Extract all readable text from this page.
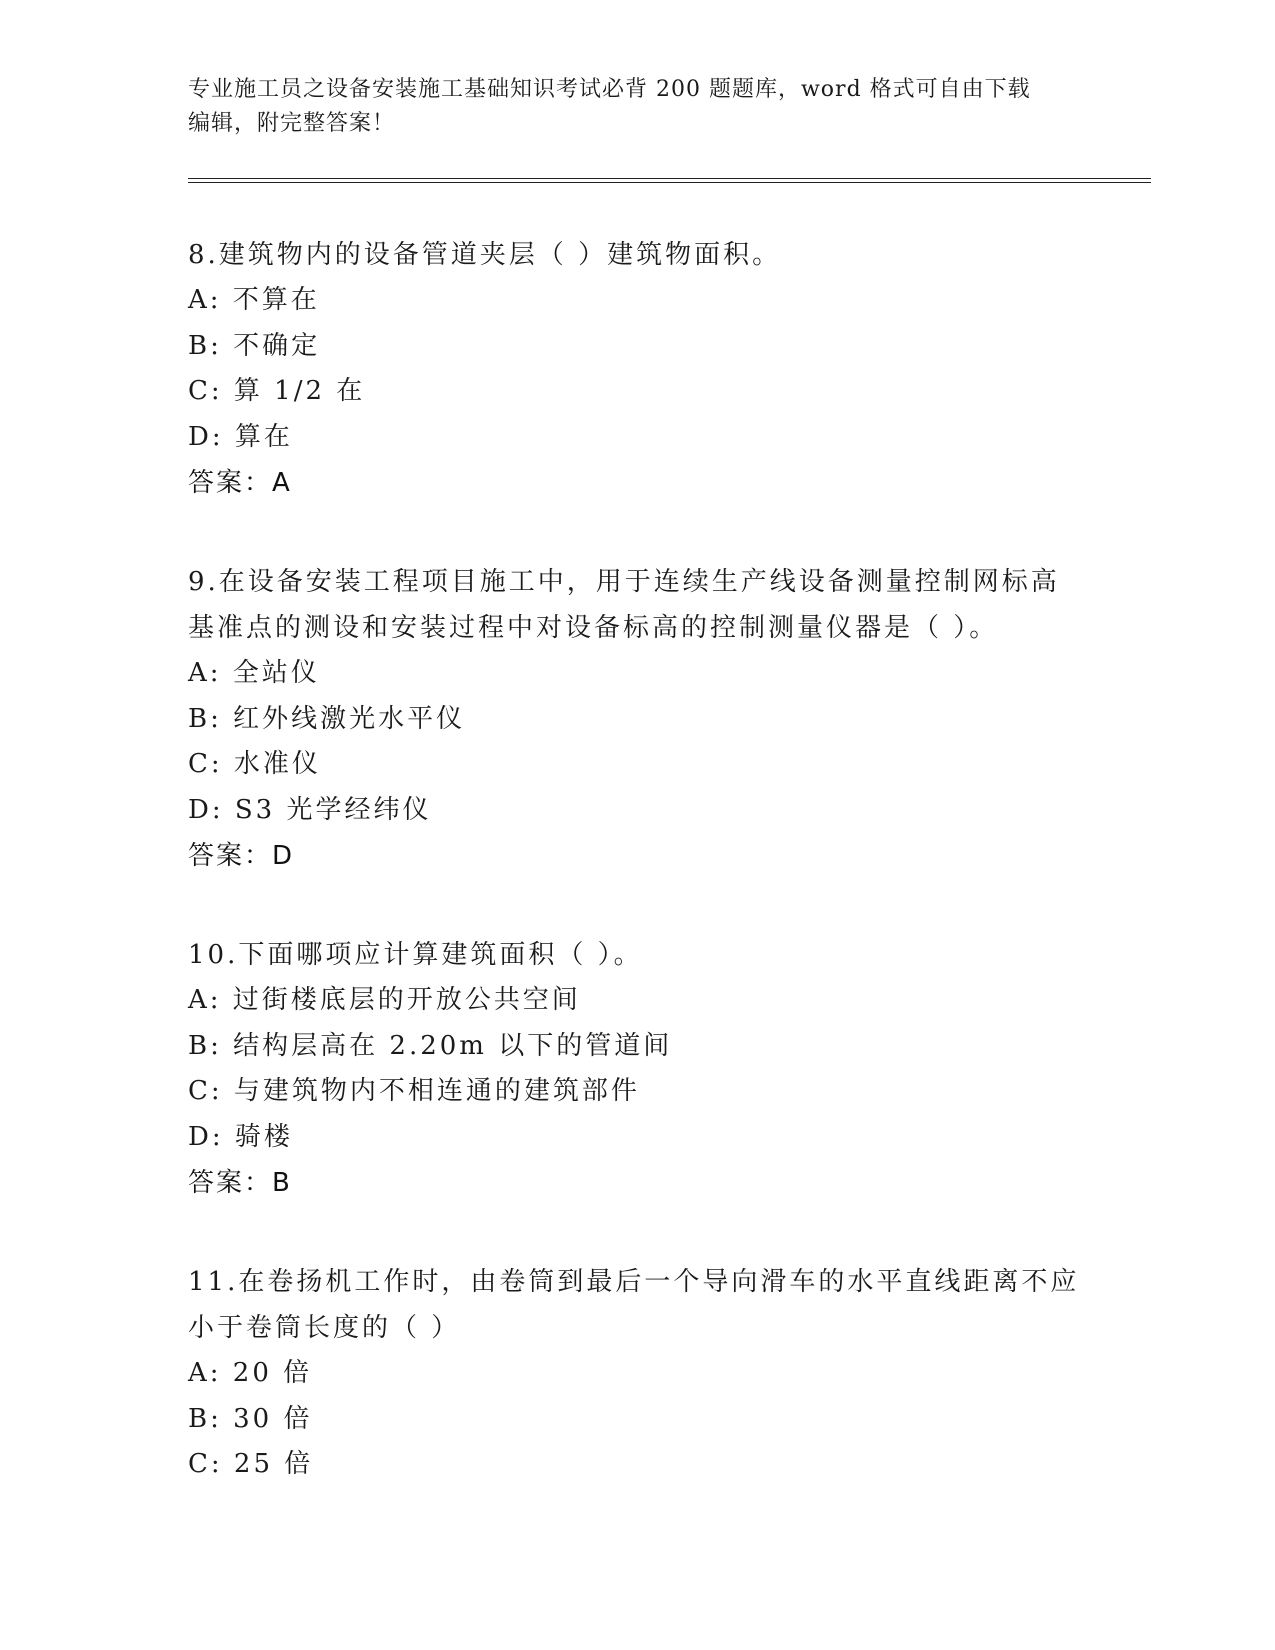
专业施工员之设备安装施工基础知识考试必背 200 题题库，word 格式可自由下载
编辑，附完整答案！
8.建筑物内的设备管道夹层（ ）建筑物面积。
A: 不算在
B: 不确定
C: 算 1/2 在
D: 算在
答案：A
9.在设备安装工程项目施工中，用于连续生产线设备测量控制网标高
基准点的测设和安装过程中对设备标高的控制测量仪器是（ ）。
A: 全站仪
B: 红外线激光水平仪
C: 水准仪
D: S3 光学经纬仪
答案：D
10.下面哪项应计算建筑面积（ ）。
A: 过街楼底层的开放公共空间
B: 结构层高在 2.20m 以下的管道间
C: 与建筑物内不相连通的建筑部件
D: 骑楼
答案：B
11.在卷扬机工作时，由卷筒到最后一个导向滑车的水平直线距离不应
小于卷筒长度的（ ）
A: 20 倍
B: 30 倍
C: 25 倍
